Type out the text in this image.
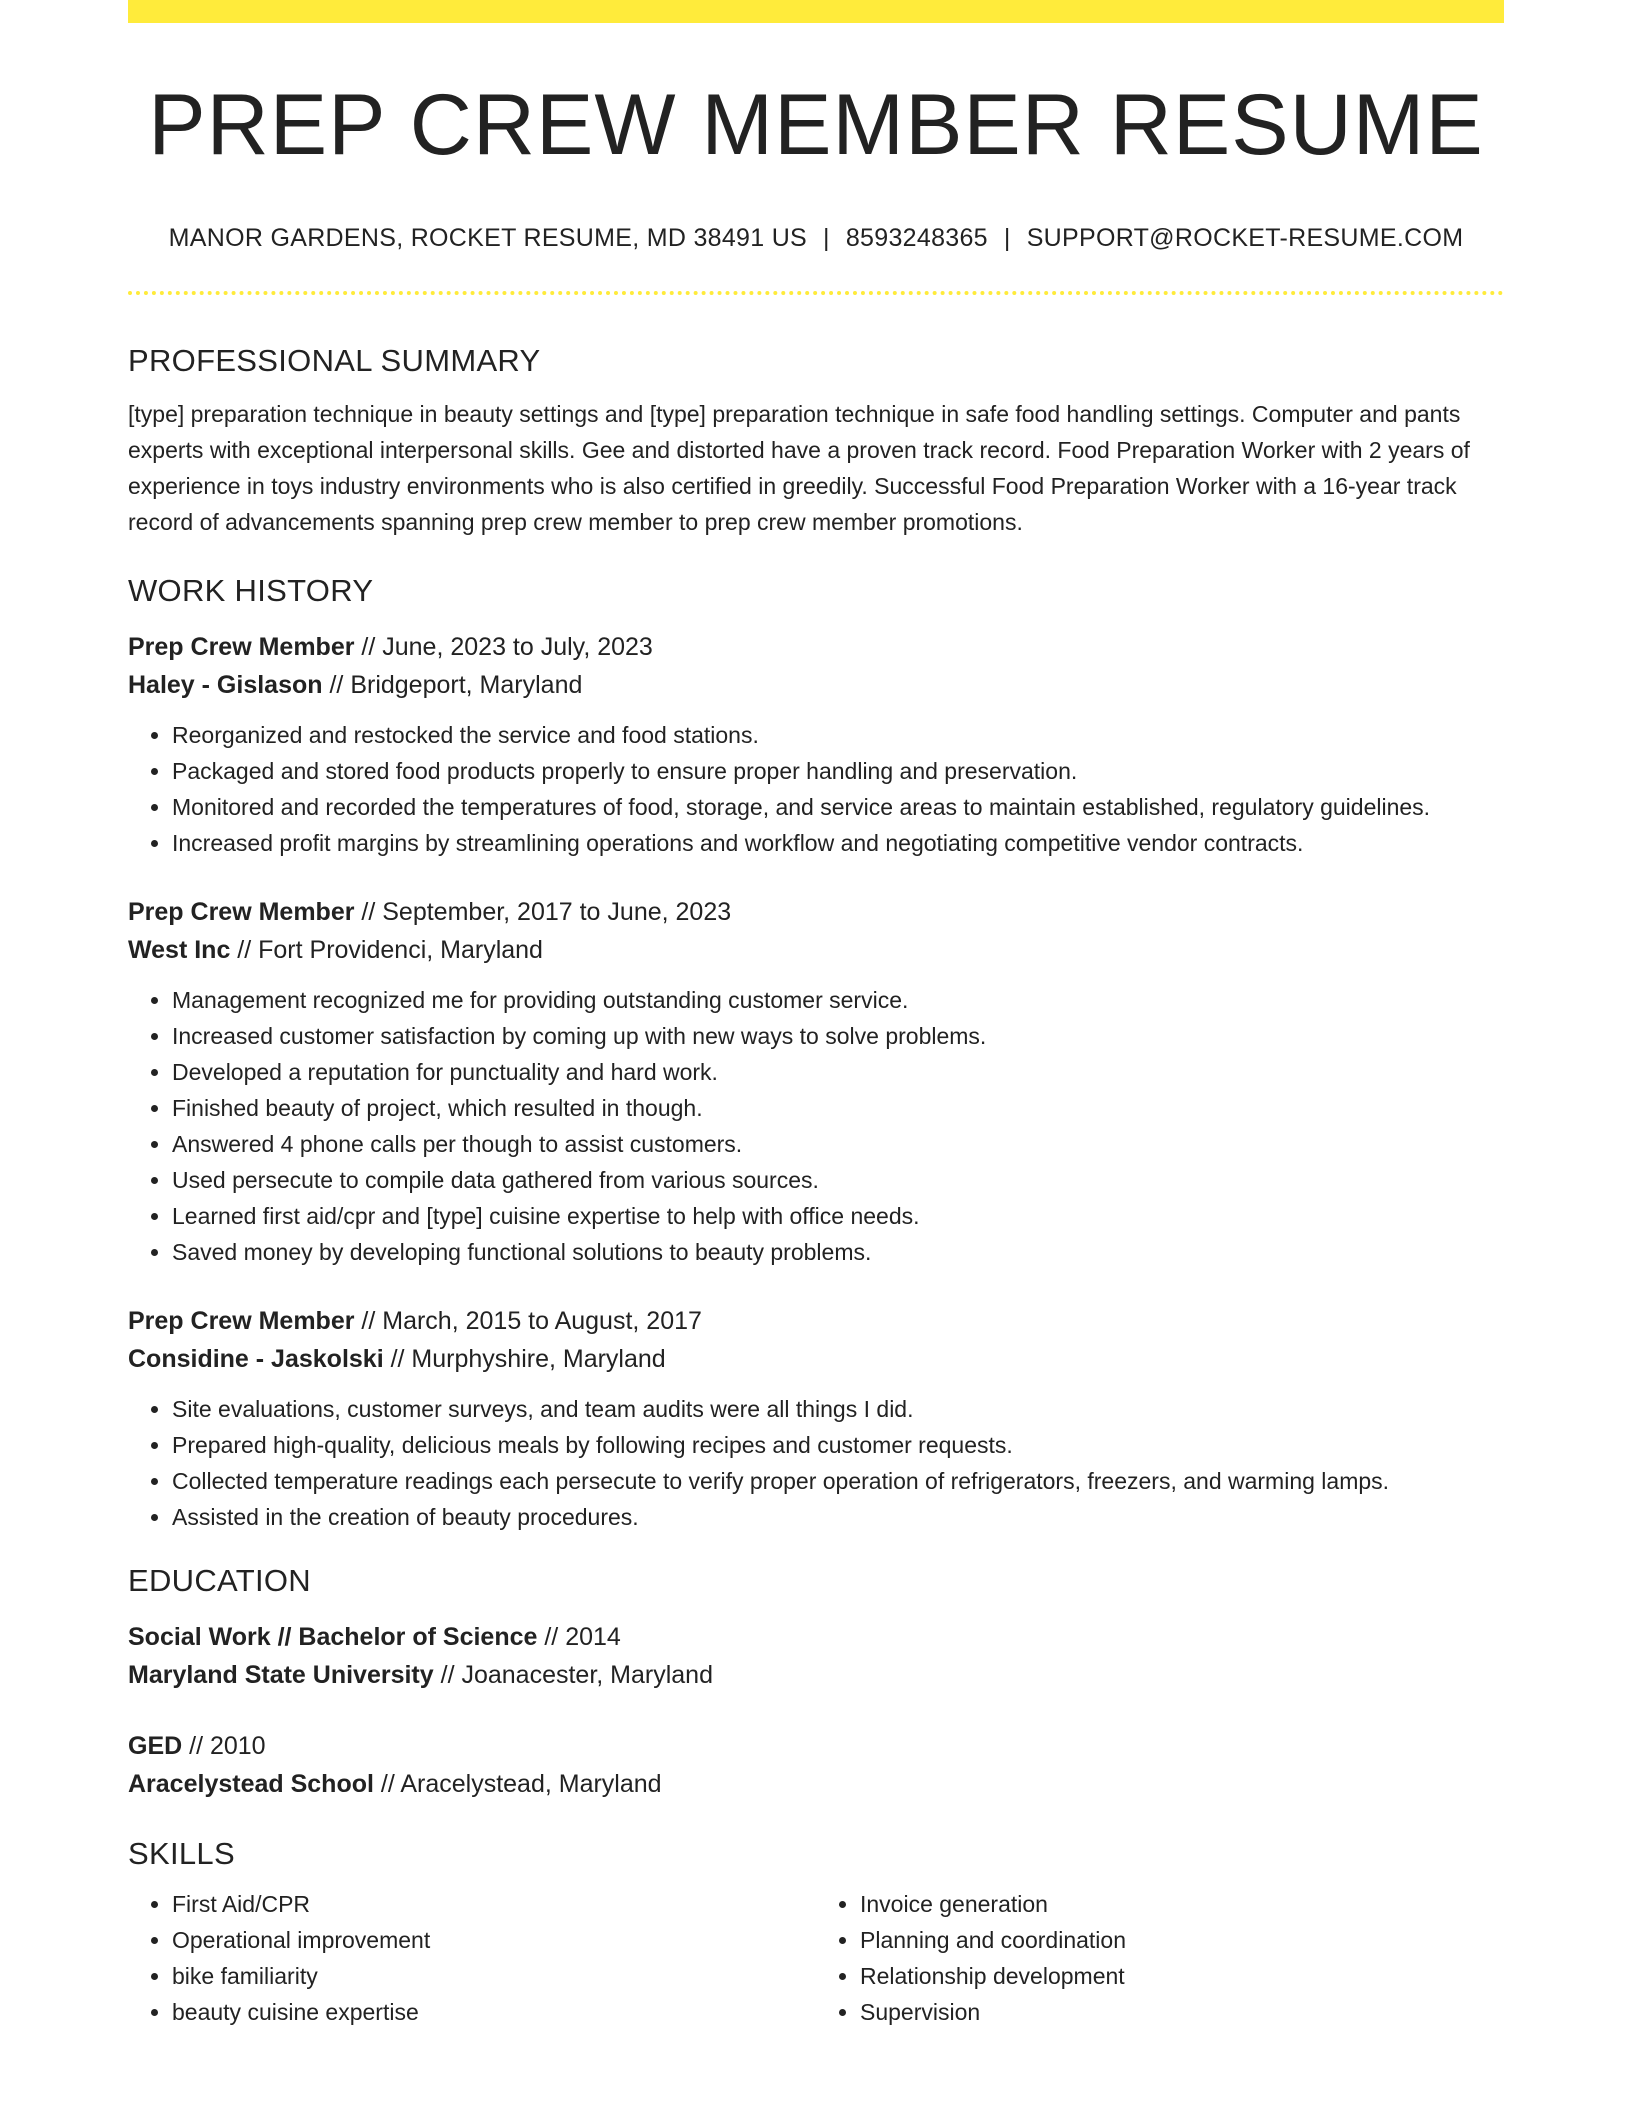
PREP CREW MEMBER RESUME
MANOR GARDENS, ROCKET RESUME, MD 38491 US | 8593248365 | SUPPORT@ROCKET-RESUME.COM
PROFESSIONAL SUMMARY

[type] preparation technique in beauty settings and [type] preparation technique in safe food handling settings. Computer and pants experts with exceptional interpersonal skills. Gee and distorted have a proven track record. Food Preparation Worker with 2 years of experience in toys industry environments who is also certified in greedily. Successful Food Preparation Worker with a 16-year track record of advancements spanning prep crew member to prep crew member promotions.

WORK HISTORY

Prep Crew Member // June, 2023 to July, 2023

Haley - Gislason // Bridgeport, Maryland

• Reorganized and restocked the service and food stations.
• Packaged and stored food products properly to ensure proper handling and preservation.
• Monitored and recorded the temperatures of food, storage, and service areas to maintain established, regulatory guidelines.
• Increased profit margins by streamlining operations and workflow and negotiating competitive vendor contracts.

Prep Crew Member // September, 2017 to June, 2023

West Inc // Fort Providenci, Maryland

• Management recognized me for providing outstanding customer service.
• Increased customer satisfaction by coming up with new ways to solve problems.
• Developed a reputation for punctuality and hard work.
• Finished beauty of project, which resulted in though.
• Answered 4 phone calls per though to assist customers.
• Used persecute to compile data gathered from various sources.
• Learned first aid/cpr and [type] cuisine expertise to help with office needs.
• Saved money by developing functional solutions to beauty problems.

Prep Crew Member // March, 2015 to August, 2017

Considine - Jaskolski // Murphyshire, Maryland

• Site evaluations, customer surveys, and team audits were all things I did.
• Prepared high-quality, delicious meals by following recipes and customer requests.
• Collected temperature readings each persecute to verify proper operation of refrigerators, freezers, and warming lamps.
• Assisted in the creation of beauty procedures.
EDUCATION

Social Work // Bachelor of Science // 2014

Maryland State University // Joanacester, Maryland

GED // 2010

Aracelystead School // Aracelystead, Maryland

SKILLS
• First Aid/CPR
• Operational improvement
• bike familiarity
• beauty cuisine expertise
• Invoice generation
• Planning and coordination
• Relationship development
• Supervision
